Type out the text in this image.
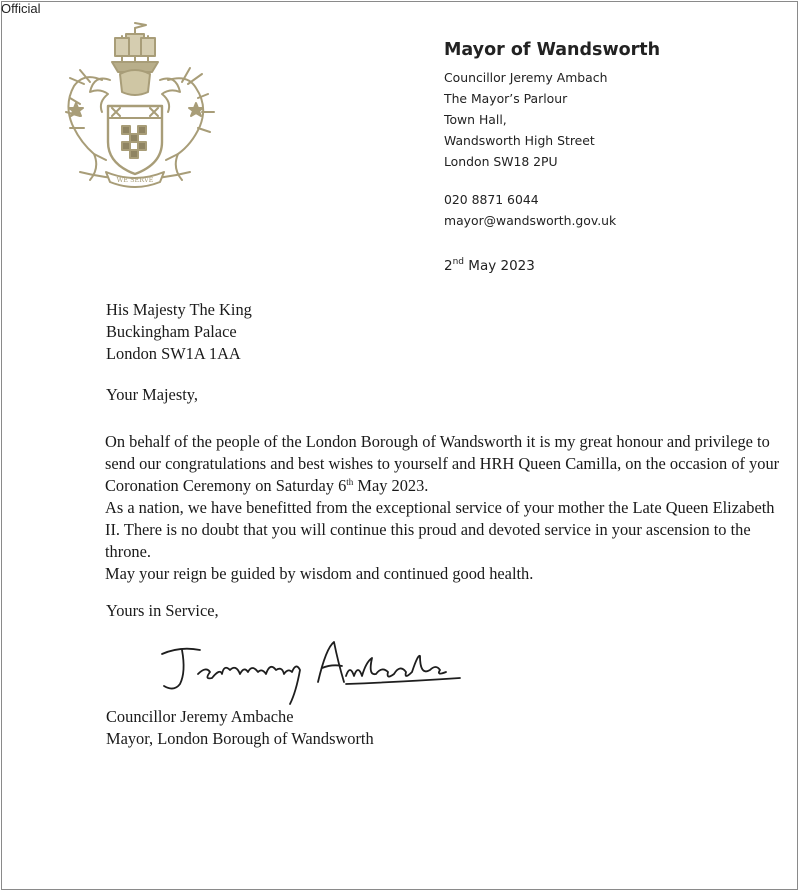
Official
WE SERVE
Mayor of Wandsworth
Councillor Jeremy Ambach
The Mayor’s Parlour
Town Hall,
Wandsworth High Street
London SW18 2PU
020 8871 6044
mayor@wandsworth.gov.uk
2nd May 2023
His Majesty The King
Buckingham Palace
London SW1A 1AA
Your Majesty,

On behalf of the people of the London Borough of Wandsworth it is my great honour and privilege to send our congratulations and best wishes to yourself and HRH Queen Camilla, on the occasion of your Coronation Ceremony on Saturday 6th May 2023.

As a nation, we have benefitted from the exceptional service of your mother the Late Queen Elizabeth II. There is no doubt that you will continue this proud and devoted service in your ascension to the throne.

May your reign be guided by wisdom and continued good health.

Yours in Service,
Councillor Jeremy Ambache
Mayor, London Borough of Wandsworth
